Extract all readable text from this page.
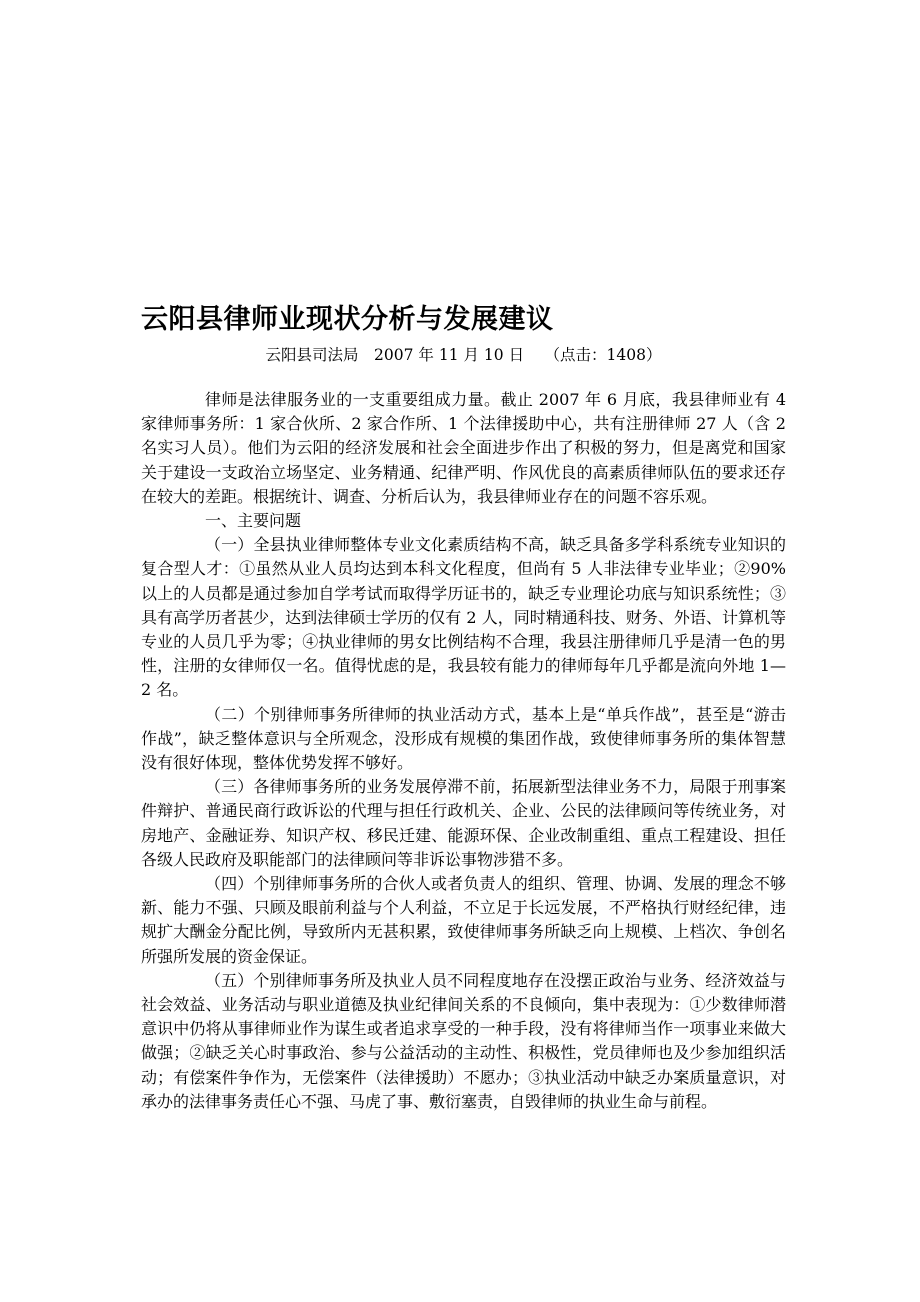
云阳县律师业现状分析与发展建议
云阳县司法局　2007 年 11 月 10 日　 （点击：1408）

律师是法律服务业的一支重要组成力量。截止 2007 年 6 月底，我县律师业有 4 家律师事务所：1 家合伙所、2 家合作所、1 个法律援助中心，共有注册律师 27 人（含 2 名实习人员）。他们为云阳的经济发展和社会全面进步作出了积极的努力，但是离党和国家关于建设一支政治立场坚定、业务精通、纪律严明、作风优良的高素质律师队伍的要求还存在较大的差距。根据统计、调查、分析后认为，我县律师业存在的问题不容乐观。

一、主要问题

（一）全县执业律师整体专业文化素质结构不高，缺乏具备多学科系统专业知识的复合型人才：①虽然从业人员均达到本科文化程度，但尚有 5 人非法律专业毕业；②90%以上的人员都是通过参加自学考试而取得学历证书的，缺乏专业理论功底与知识系统性；③具有高学历者甚少，达到法律硕士学历的仅有 2 人，同时精通科技、财务、外语、计算机等专业的人员几乎为零；④执业律师的男女比例结构不合理，我县注册律师几乎是清一色的男性，注册的女律师仅一名。值得忧虑的是，我县较有能力的律师每年几乎都是流向外地 1—2 名。

（二）个别律师事务所律师的执业活动方式，基本上是“单兵作战”，甚至是“游击作战”，缺乏整体意识与全所观念，没形成有规模的集团作战，致使律师事务所的集体智慧没有很好体现，整体优势发挥不够好。

（三）各律师事务所的业务发展停滞不前，拓展新型法律业务不力，局限于刑事案件辩护、普通民商行政诉讼的代理与担任行政机关、企业、公民的法律顾问等传统业务，对房地产、金融证券、知识产权、移民迁建、能源环保、企业改制重组、重点工程建设、担任各级人民政府及职能部门的法律顾问等非诉讼事物涉猎不多。

（四）个别律师事务所的合伙人或者负责人的组织、管理、协调、发展的理念不够新、能力不强、只顾及眼前利益与个人利益，不立足于长远发展，不严格执行财经纪律，违规扩大酬金分配比例，导致所内无甚积累，致使律师事务所缺乏向上规模、上档次、争创名所强所发展的资金保证。

（五）个别律师事务所及执业人员不同程度地存在没摆正政治与业务、经济效益与社会效益、业务活动与职业道德及执业纪律间关系的不良倾向，集中表现为：①少数律师潜意识中仍将从事律师业作为谋生或者追求享受的一种手段，没有将律师当作一项事业来做大做强；②缺乏关心时事政治、参与公益活动的主动性、积极性，党员律师也及少参加组织活动；有偿案件争作为，无偿案件（法律援助）不愿办；③执业活动中缺乏办案质量意识，对承办的法律事务责任心不强、马虎了事、敷衍塞责，自毁律师的执业生命与前程。
